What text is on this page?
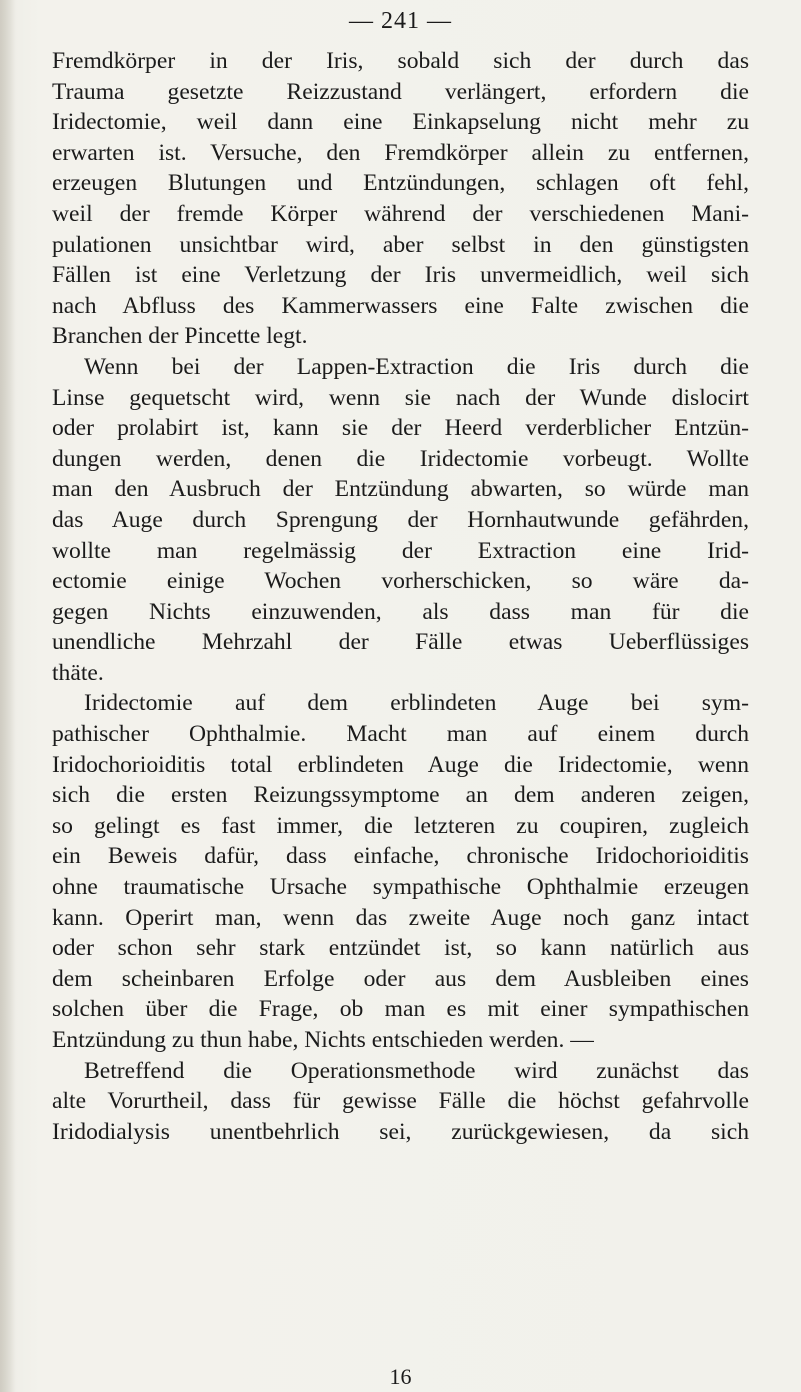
— 241 —
Fremdkörper in der Iris, sobald sich der durch das
Trauma gesetzte Reizzustand verlängert, erfordern die
Iridectomie, weil dann eine Einkapselung nicht mehr zu
erwarten ist. Versuche, den Fremdkörper allein zu entfernen,
erzeugen Blutungen und Entzündungen, schlagen oft fehl,
weil der fremde Körper während der verschiedenen Mani-
pulationen unsichtbar wird, aber selbst in den günstigsten
Fällen ist eine Verletzung der Iris unvermeidlich, weil sich
nach Abfluss des Kammerwassers eine Falte zwischen die
Branchen der Pincette legt.
Wenn bei der Lappen-Extraction die Iris durch die
Linse gequetscht wird, wenn sie nach der Wunde dislocirt
oder prolabirt ist, kann sie der Heerd verderblicher Entzün-
dungen werden, denen die Iridectomie vorbeugt. Wollte
man den Ausbruch der Entzündung abwarten, so würde man
das Auge durch Sprengung der Hornhautwunde gefährden,
wollte man regelmässig der Extraction eine Irid-
ectomie einige Wochen vorherschicken, so wäre da-
gegen Nichts einzuwenden, als dass man für die
unendliche Mehrzahl der Fälle etwas Ueberflüssiges
thäte.
Iridectomie auf dem erblindeten Auge bei sym-
pathischer Ophthalmie. Macht man auf einem durch
Iridochorioiditis total erblindeten Auge die Iridectomie, wenn
sich die ersten Reizungssymptome an dem anderen zeigen,
so gelingt es fast immer, die letzteren zu coupiren, zugleich
ein Beweis dafür, dass einfache, chronische Iridochorioiditis
ohne traumatische Ursache sympathische Ophthalmie erzeugen
kann. Operirt man, wenn das zweite Auge noch ganz intact
oder schon sehr stark entzündet ist, so kann natürlich aus
dem scheinbaren Erfolge oder aus dem Ausbleiben eines
solchen über die Frage, ob man es mit einer sympathischen
Entzündung zu thun habe, Nichts entschieden werden. —
Betreffend die Operationsmethode wird zunächst das
alte Vorurtheil, dass für gewisse Fälle die höchst gefahrvolle
Iridodialysis unentbehrlich sei, zurückgewiesen, da sich
16
